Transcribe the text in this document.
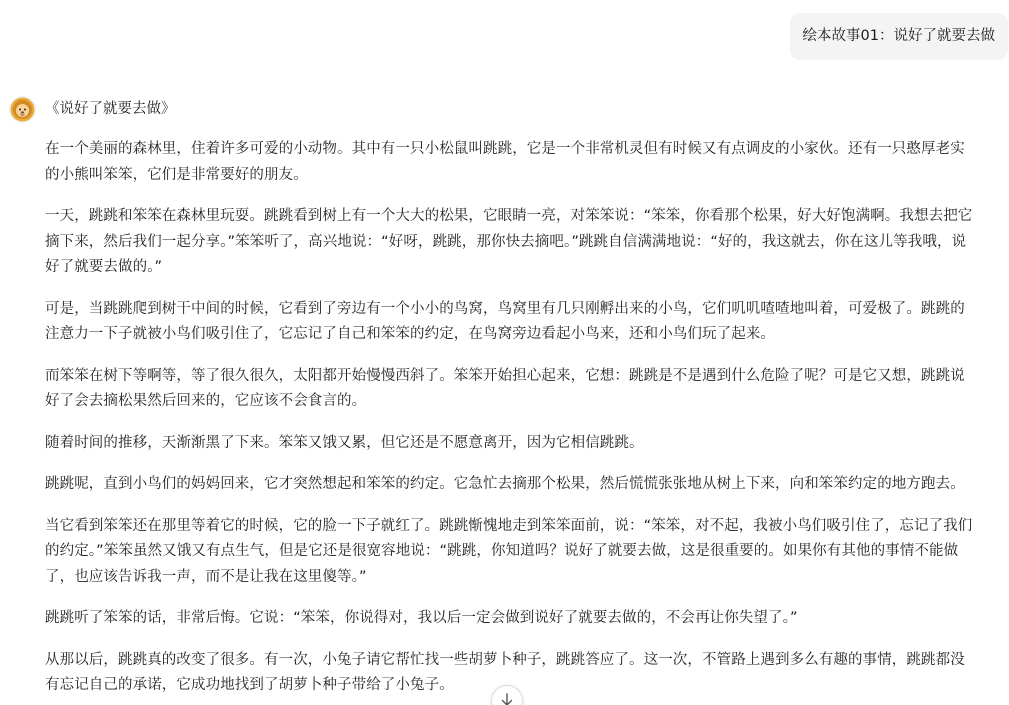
绘本故事01：说好了就要去做
《说好了就要去做》

在一个美丽的森林里，住着许多可爱的小动物。其中有一只小松鼠叫跳跳，它是一个非常机灵但有时候又有点调皮的小家伙。还有一只憨厚老实的小熊叫笨笨，它们是非常要好的朋友。

一天，跳跳和笨笨在森林里玩耍。跳跳看到树上有一个大大的松果，它眼睛一亮，对笨笨说：“笨笨，你看那个松果，好大好饱满啊。我想去把它摘下来，然后我们一起分享。”笨笨听了，高兴地说：“好呀，跳跳，那你快去摘吧。”跳跳自信满满地说：“好的，我这就去，你在这儿等我哦，说好了就要去做的。”

可是，当跳跳爬到树干中间的时候，它看到了旁边有一个小小的鸟窝，鸟窝里有几只刚孵出来的小鸟，它们叽叽喳喳地叫着，可爱极了。跳跳的注意力一下子就被小鸟们吸引住了，它忘记了自己和笨笨的约定，在鸟窝旁边看起小鸟来，还和小鸟们玩了起来。

而笨笨在树下等啊等，等了很久很久，太阳都开始慢慢西斜了。笨笨开始担心起来，它想：跳跳是不是遇到什么危险了呢？可是它又想，跳跳说好了会去摘松果然后回来的，它应该不会食言的。

随着时间的推移，天渐渐黑了下来。笨笨又饿又累，但它还是不愿意离开，因为它相信跳跳。

跳跳呢，直到小鸟们的妈妈回来，它才突然想起和笨笨的约定。它急忙去摘那个松果，然后慌慌张张地从树上下来，向和笨笨约定的地方跑去。

当它看到笨笨还在那里等着它的时候，它的脸一下子就红了。跳跳惭愧地走到笨笨面前，说：“笨笨，对不起，我被小鸟们吸引住了，忘记了我们的约定。”笨笨虽然又饿又有点生气，但是它还是很宽容地说：“跳跳，你知道吗？说好了就要去做，这是很重要的。如果你有其他的事情不能做了，也应该告诉我一声，而不是让我在这里傻等。”

跳跳听了笨笨的话，非常后悔。它说：“笨笨，你说得对，我以后一定会做到说好了就要去做的，不会再让你失望了。”

从那以后，跳跳真的改变了很多。有一次，小兔子请它帮忙找一些胡萝卜种子，跳跳答应了。这一次，不管路上遇到多么有趣的事情，跳跳都没有忘记自己的承诺，它成功地找到了胡萝卜种子带给了小兔子。
